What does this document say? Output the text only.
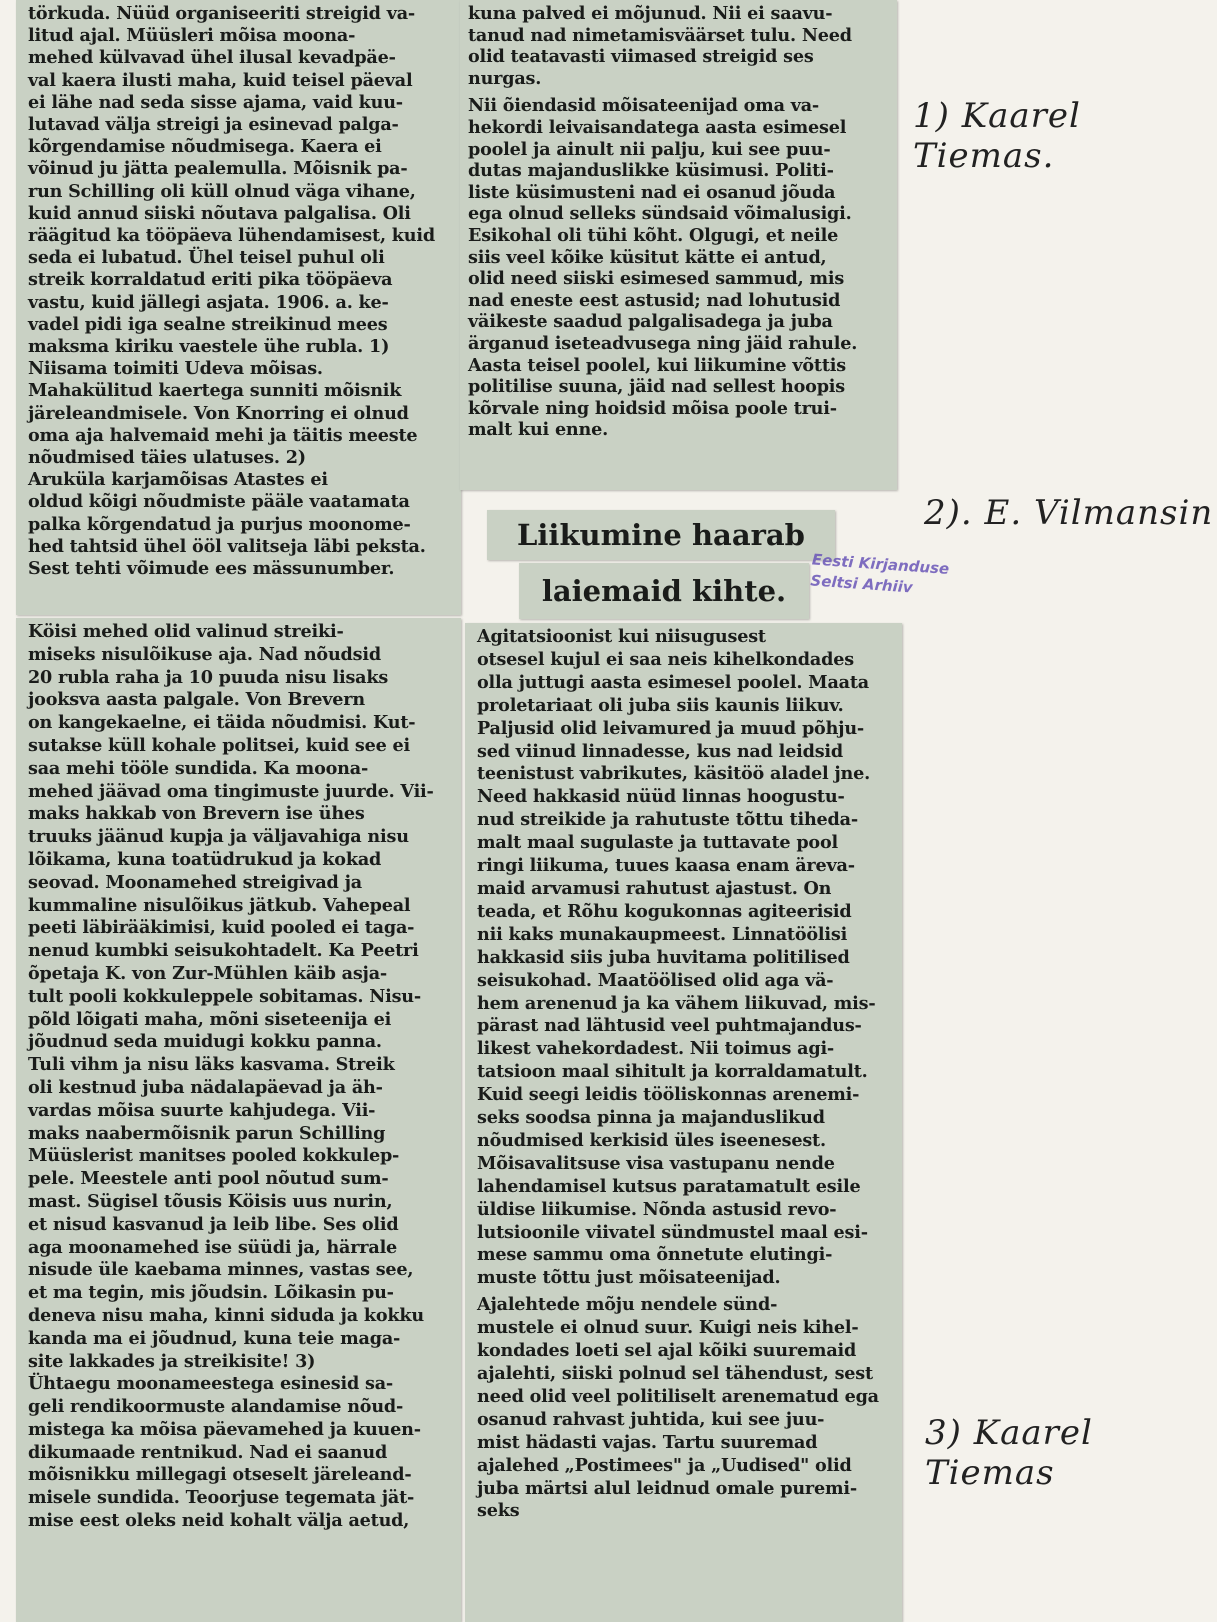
törkuda. Nüüd organiseeriti streigid va-
litud ajal. Müüsleri mõisa moona-
mehed külvavad ühel ilusal kevadpäe-
val kaera ilusti maha, kuid teisel päeval
ei lähe nad seda sisse ajama, vaid kuu-
lutavad välja streigi ja esinevad palga-
kõrgendamise nõudmisega. Kaera ei
võinud ju jätta pealemulla. Mõisnik pa-
run Schilling oli küll olnud väga vihane,
kuid annud siiski nõutava palgalisa. Oli
räägitud ka tööpäeva lühendamisest, kuid
seda ei lubatud. Ühel teisel puhul oli
streik korraldatud eriti pika tööpäeva
vastu, kuid jällegi asjata. 1906. a. ke-
vadel pidi iga sealne streikinud mees
maksma kiriku vaestele ühe rubla. 1)
Niisama toimiti Udeva mõisas.
Mahakülitud kaertega sunniti mõisnik
järeleandmisele. Von Knorring ei olnud
oma aja halvemaid mehi ja täitis meeste
nõudmised täies ulatuses. 2)
Aruküla karjamõisas Atastes ei
oldud kõigi nõudmiste pääle vaatamata
palka kõrgendatud ja purjus moonome-
hed tahtsid ühel ööl valitseja läbi peksta.
Sest tehti võimude ees mässunumber.

Köisi mehed olid valinud streiki-
miseks nisulõikuse aja. Nad nõudsid
20 rubla raha ja 10 puuda nisu lisaks
jooksva aasta palgale. Von Brevern
on kangekaelne, ei täida nõudmisi. Kut-
sutakse küll kohale politsei, kuid see ei
saa mehi tööle sundida. Ka moona-
mehed jäävad oma tingimuste juurde. Vii-
maks hakkab von Brevern ise ühes
truuks jäänud kupja ja väljavahiga nisu
lõikama, kuna toatüdrukud ja kokad
seovad. Moonamehed streigivad ja
kummaline nisulõikus jätkub. Vahepeal
peeti läbirääkimisi, kuid pooled ei taga-
nenud kumbki seisukohtadelt. Ka Peetri
õpetaja K. von Zur-Mühlen käib asja-
tult pooli kokkuleppele sobitamas. Nisu-
põld lõigati maha, mõni siseteenija ei
jõudnud seda muidugi kokku panna.
Tuli vihm ja nisu läks kasvama. Streik
oli kestnud juba nädalapäevad ja äh-
vardas mõisa suurte kahjudega. Vii-
maks naabermõisnik parun Schilling
Müüslerist manitses pooled kokkulep-
pele. Meestele anti pool nõutud sum-
mast. Sügisel tõusis Köisis uus nurin,
et nisud kasvanud ja leib libe. Ses olid
aga moonamehed ise süüdi ja, härrale
nisude üle kaebama minnes, vastas see,
et ma tegin, mis jõudsin. Lõikasin pu-
deneva nisu maha, kinni siduda ja kokku
kanda ma ei jõudnud, kuna teie maga-
site lakkades ja streikisite! 3)

Ühtaegu moonameestega esinesid sa-
geli rendikoormuste alandamise nõud-
mistega ka mõisa päevamehed ja kuuen-
dikumaade rentnikud. Nad ei saanud
mõisnikku millegagi otseselt järeleand-
misele sundida. Teoorjuse tegemata jät-
mise eest oleks neid kohalt välja aetud,

kuna palved ei mõjunud. Nii ei saavu-
tanud nad nimetamisväärset tulu. Need
olid teatavasti viimased streigid ses
nurgas.

Nii õiendasid mõisateenijad oma va-
hekordi leivaisandatega aasta esimesel
poolel ja ainult nii palju, kui see puu-
dutas majanduslikke küsimusi. Politi-
liste küsimusteni nad ei osanud jõuda
ega olnud selleks sündsaid võimalusigi.
Esikohal oli tühi kõht. Olgugi, et neile
siis veel kõike küsitut kätte ei antud,
olid need siiski esimesed sammud, mis
nad eneste eest astusid; nad lohutusid
väikeste saadud palgalisadega ja juba
ärganud iseteadvusega ning jäid rahule.
Aasta teisel poolel, kui liikumine võttis
politilise suuna, jäid nad sellest hoopis
kõrvale ning hoidsid mõisa poole trui-
malt kui enne.

Liikumine haarab
laiemaid kihte.
Eesti Kirjanduse
Seltsi Arhiiv

Agitatsioonist kui niisugusest
otsesel kujul ei saa neis kihelkondades
olla juttugi aasta esimesel poolel. Maata
proletariaat oli juba siis kaunis liikuv.
Paljusid olid leivamured ja muud põhju-
sed viinud linnadesse, kus nad leidsid
teenistust vabrikutes, käsitöö aladel jne.
Need hakkasid nüüd linnas hoogustu-
nud streikide ja rahutuste tõttu tiheda-
malt maal sugulaste ja tuttavate pool
ringi liikuma, tuues kaasa enam äreva-
maid arvamusi rahutust ajastust. On
teada, et Rõhu kogukonnas agiteerisid
nii kaks munakaupmeest. Linnatöölisi
hakkasid siis juba huvitama politilised
seisukohad. Maatöölised olid aga vä-
hem arenenud ja ka vähem liikuvad, mis-
pärast nad lähtusid veel puhtmajandus-
likest vahekordadest. Nii toimus agi-
tatsioon maal sihitult ja korraldamatult.
Kuid seegi leidis tööliskonnas arenemi-
seks soodsa pinna ja majanduslikud
nõudmised kerkisid üles iseenesest.
Mõisavalitsuse visa vastupanu nende
lahendamisel kutsus paratamatult esile
üldise liikumise. Nõnda astusid revo-
lutsioonile viivatel sündmustel maal esi-
mese sammu oma õnnetute elutingi-
muste tõttu just mõisateenijad.

Ajalehtede mõju nendele sünd-
mustele ei olnud suur. Kuigi neis kihel-
kondades loeti sel ajal kõiki suuremaid
ajalehti, siiski polnud sel tähendust, sest
need olid veel politiliselt arenematud ega
osanud rahvast juhtida, kui see juu-
mist hädasti vajas. Tartu suuremad
ajalehed „Postimees" ja „Uudised" olid
juba märtsi alul leidnud omale puremi-
seks

1) Kaarel Tiemas.
2). E. Vilmansin
3) Kaarel Tiemas
